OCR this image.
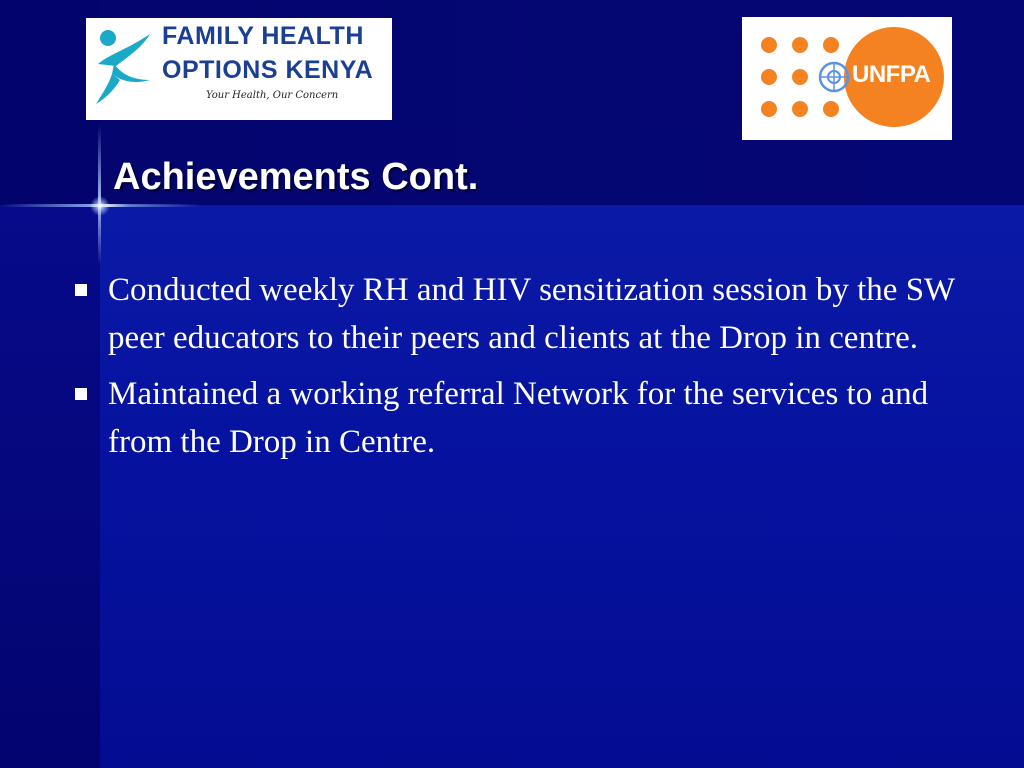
FAMILY HEALTH
OPTIONS KENYA
Your Health, Our Concern
UNFPA
Achievements Cont.
Conducted weekly RH and HIV sensitization session by the SW peer educators to their peers and clients at the Drop in centre.
Maintained a working referral Network for the services to and from the Drop in Centre.
